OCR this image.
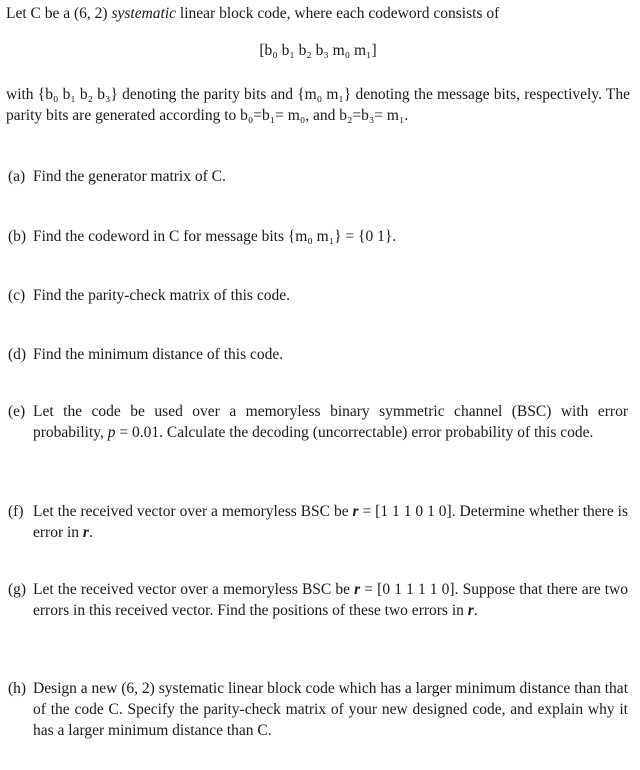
Let C be a (6, 2) systematic linear block code, where each codeword consists of
[b₀ b₁ b₂ b₃ m₀ m₁]
with {b₀ b₁ b₂ b₃} denoting the parity bits and {m₀ m₁} denoting the message bits, respectively. The parity bits are generated according to b₀=b₁= m₀, and b₂=b₃= m₁.
(a) Find the generator matrix of C.
(b) Find the codeword in C for message bits {m₀ m₁} = {0 1}.
(c) Find the parity-check matrix of this code.
(d) Find the minimum distance of this code.
(e) Let the code be used over a memoryless binary symmetric channel (BSC) with error probability, p = 0.01. Calculate the decoding (uncorrectable) error probability of this code.
(f) Let the received vector over a memoryless BSC be r = [1 1 1 0 1 0]. Determine whether there is error in r.
(g) Let the received vector over a memoryless BSC be r = [0 1 1 1 1 0]. Suppose that there are two errors in this received vector. Find the positions of these two errors in r.
(h) Design a new (6, 2) systematic linear block code which has a larger minimum distance than that of the code C. Specify the parity-check matrix of your new designed code, and explain why it has a larger minimum distance than C.
